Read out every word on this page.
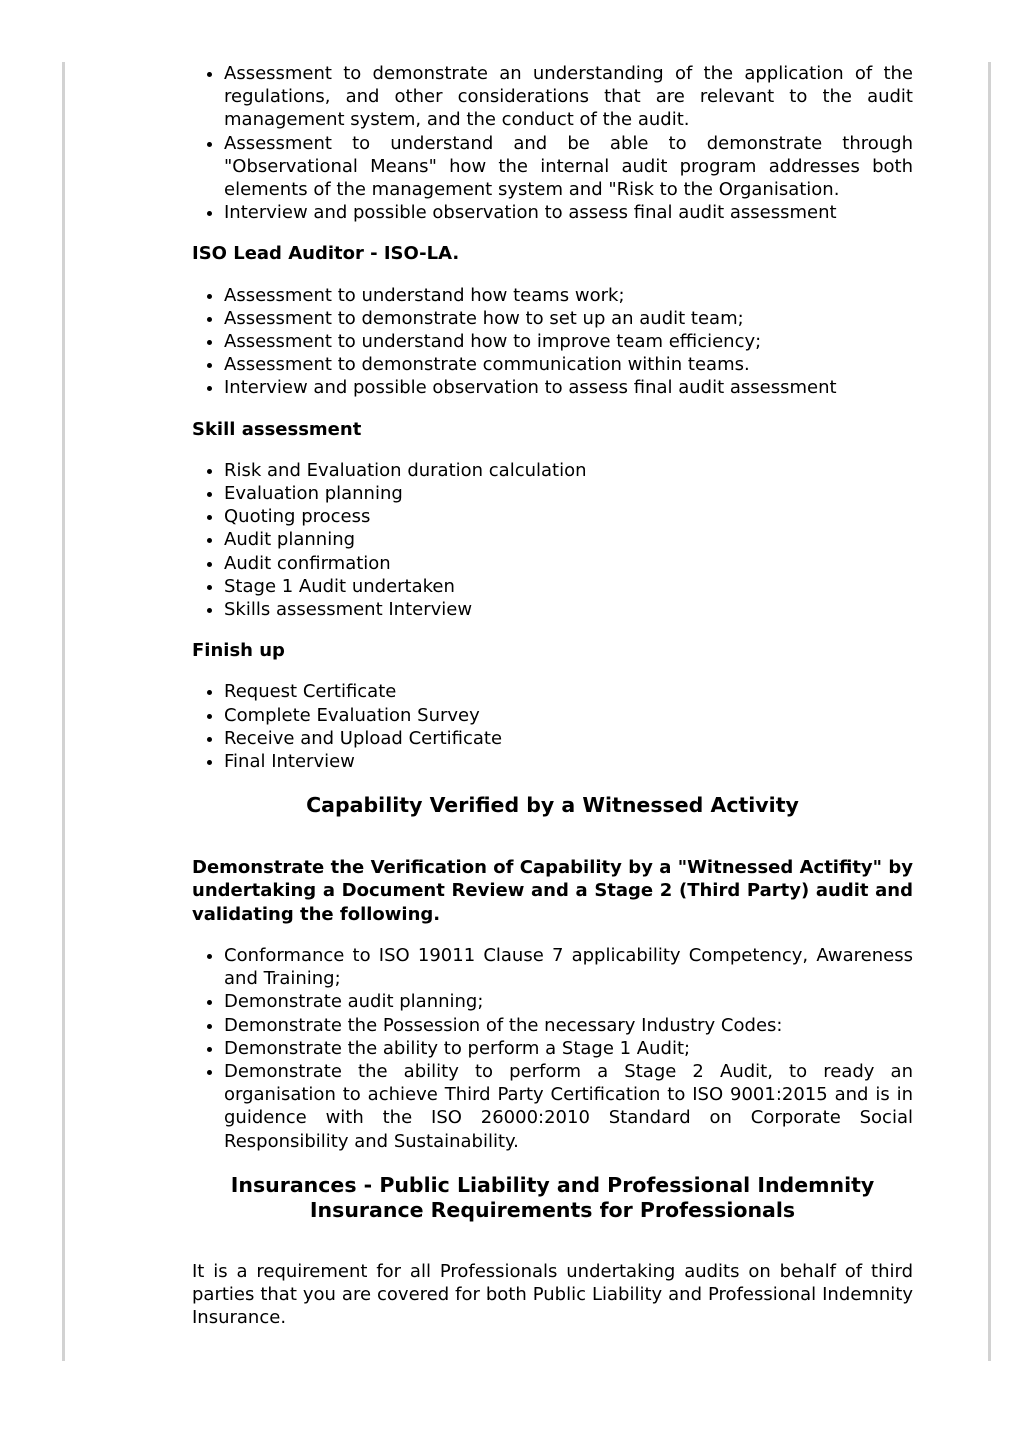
• Assessment to demonstrate an understanding of the application of the regulations, and other considerations that are relevant to the audit management system, and the conduct of the audit.
• Assessment to understand and be able to demonstrate through "Observational Means" how the internal audit program addresses both elements of the management system and "Risk to the Organisation.
• Interview and possible observation to assess final audit assessment
ISO Lead Auditor - ISO-LA.
• Assessment to understand how teams work;
• Assessment to demonstrate how to set up an audit team;
• Assessment to understand how to improve team efficiency;
• Assessment to demonstrate communication within teams.
• Interview and possible observation to assess final audit assessment
Skill assessment
• Risk and Evaluation duration calculation
• Evaluation planning
• Quoting process
• Audit planning
• Audit confirmation
• Stage 1 Audit undertaken
• Skills assessment Interview
Finish up
• Request Certificate
• Complete Evaluation Survey
• Receive and Upload Certificate
• Final Interview
Capability Verified by a Witnessed Activity
Demonstrate the Verification of Capability by a "Witnessed Actifity" by undertaking a Document Review and a Stage 2 (Third Party) audit and validating the following.
• Conformance to ISO 19011 Clause 7 applicability Competency, Awareness and Training;
• Demonstrate audit planning;
• Demonstrate the Possession of the necessary Industry Codes:
• Demonstrate the ability to perform a Stage 1 Audit;
• Demonstrate the ability to perform a Stage 2 Audit, to ready an organisation to achieve Third Party Certification to ISO 9001:2015 and is in guidence with the ISO 26000:2010 Standard on Corporate Social Responsibility and Sustainability.
Insurances - Public Liability and Professional Indemnity
Insurance Requirements for Professionals
It is a requirement for all Professionals undertaking audits on behalf of third parties that you are covered for both Public Liability and Professional Indemnity Insurance.
